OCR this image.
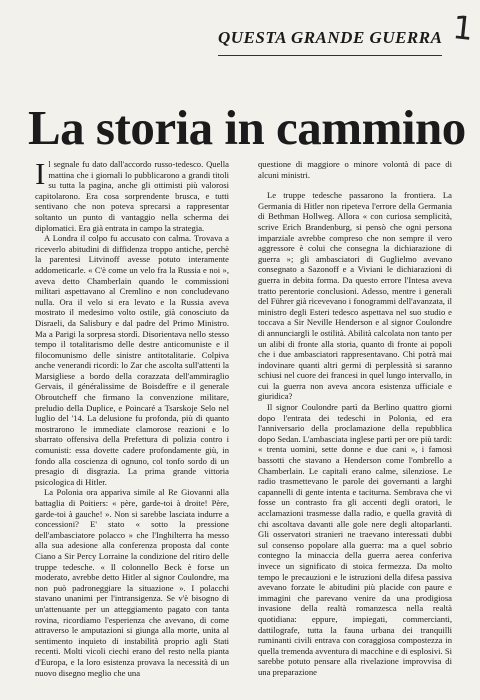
QUESTA GRANDE GUERRA 1
La storia in cammino

Il segnale fu dato dall'accordo russo-tedesco. Quella mattina che i giornali lo pubblicarono a grandi titoli su tutta la pagina, anche gli ottimisti più valorosi capitolarono. Era cosa sorprendente brusca, e tutti sentivano che non poteva sprecarsi a rappresentar soltanto un punto di vantaggio nella scherma dei diplomatici. Era già entrata in campo la strategia.

A Londra il colpo fu accusato con calma. Trovava a riceverlo abitudini di diffidenza troppo antiche, perchè la parentesi Litvinoff avesse potuto interamente addometicarle. « C'è come un velo fra la Russia e noi », aveva detto Chamberlain quando le commissioni militari aspettavano al Cremlino e non concludevano nulla. Ora il velo si era levato e la Russia aveva mostrato il medesimo volto ostile, già conosciuto da Disraeli, da Salisbury e dal padre del Primo Ministro. Ma a Parigi la sorpresa stordì. Disorientava nello stesso tempo il totalitarismo delle destre anticomuniste e il filocomunismo delle sinistre antitotalitarie. Colpiva anche venerandi ricordi: lo Zar che ascolta sull'attenti la Marsigliese a bordo della corazzata dell'ammiraglio Gervais, il généralissime de Boisdeffre e il generale Obroutcheff che firmano la convenzione militare, preludio della Duplice, e Poincaré a Tsarskoje Selo nel luglio del '14. La delusione fu profonda, più di quanto mostrarono le immediate clamorose reazioni e lo sbarrato offensiva della Prefettura di polizia contro i comunisti: essa dovette cadere profondamente giù, in fondo alla coscienza di ognuno, col tonfo sordo di un presagio di disgrazia. La prima grande vittoria psicologica di Hitler.

La Polonia ora appariva simile al Re Giovanni alla battaglia di Poitiers: « père, garde-toi à droite! Père, garde-toi à gauche! ». Non si sarebbe lasciata indurre a concessioni? E' stato « sotto la pressione dell'ambasciatore polacco » che l'Inghilterra ha messo alla sua adesione alla conferenza proposta dal conte Ciano a Sir Percy Lorraine la condizione del ritiro delle truppe tedesche. « Il colonnello Beck è forse un moderato, avrebbe detto Hitler al signor Coulondre, ma non può padroneggiare la situazione ». I polacchi stavano unanimi per l'intransigenza. Se v'è bisogno di un'attenuante per un atteggiamento pagato con tanta rovina, ricordiamo l'esperienza che avevano, di come attraverso le amputazioni si giunga alla morte, unita al sentimento inquieto di instabilità proprio agli Stati recenti. Molti vicoli ciechi erano del resto nella pianta d'Europa, e la loro esistenza provava la necessità di un nuovo disegno meglio che una

questione di maggiore o minore volontà di pace di alcuni ministri.

Le truppe tedesche passarono la frontiera. La Germania di Hitler non ripeteva l'errore della Germania di Bethman Hollweg. Allora « con curiosa semplicità, scrive Erich Brandenburg, si pensò che ogni persona imparziale avrebbe compreso che non sempre il vero aggressore è colui che consegna la dichiarazione di guerra »; gli ambasciatori di Guglielmo avevano consegnato a Sazonoff e a Viviani le dichiarazioni di guerra in debita forma. Da questo errore l'Intesa aveva tratto perentorie conclusioni. Adesso, mentre i generali del Führer già ricevevano i fonogrammi dell'avanzata, il ministro degli Esteri tedesco aspettava nel suo studio e toccava a Sir Neville Henderson e al signor Coulondre di annunciargli le ostilità. Abilità calcolata non tanto per un alibi di fronte alla storia, quanto di fronte ai popoli che i due ambasciatori rappresentavano. Chi potrà mai indovinare quanti altri germi di perplessità si saranno schiusi nel cuore dei francesi in quel lungo intervallo, in cui la guerra non aveva ancora esistenza ufficiale e giuridica?

Il signor Coulondre partì da Berlino quattro giorni dopo l'entrata dei tedeschi in Polonia, ed era l'anniversario della proclamazione della repubblica dopo Sedan. L'ambasciata inglese partì per ore più tardi: « trenta uomini, sette donne e due cani », i famosi bassotti che stavano a Henderson come l'ombrello a Chamberlain. Le capitali erano calme, silenziose. Le radio trasmettevano le parole dei governanti a larghi capannelli di gente intenta e taciturna. Sembrava che vi fosse un contrasto fra gli accenti degli oratori, le acclamazioni trasmesse dalla radio, e quella gravità di chi ascoltava davanti alle gole nere degli altoparlanti. Gli osservatori stranieri ne traevano interessati dubbi sul consenso popolare alla guerra: ma a quel sobrio contegno la minaccia della guerra aerea conferiva invece un significato di stoica fermezza. Da molto tempo le precauzioni e le istruzioni della difesa passiva avevano forzate le abitudini più placide con paure e immagini che parevano venire da una prodigiosa invasione della realtà romanzesca nella realtà quotidiana: eppure, impiegati, commercianti, dattilografe, tutta la fauna urbana dei tranquilli ruminanti civili entrava con coraggiosa compostezza in quella tremenda avventura di macchine e di esplosivi. Si sarebbe potuto pensare alla rivelazione improvvisa di una preparazione
